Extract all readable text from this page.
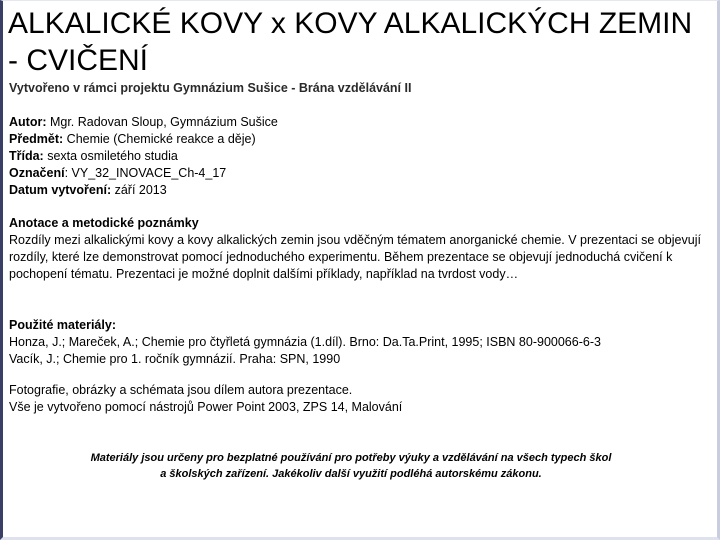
ALKALICKÉ KOVY x KOVY ALKALICKÝCH ZEMIN - CVIČENÍ
Vytvořeno v rámci projektu Gymnázium Sušice - Brána vzdělávání II
Autor: Mgr. Radovan Sloup, Gymnázium Sušice
Předmět: Chemie (Chemické reakce a děje)
Třída: sexta osmiletého studia
Označení: VY_32_INOVACE_Ch-4_17
Datum vytvoření: září 2013
Anotace a metodické poznámky
Rozdíly mezi alkalickými kovy a kovy alkalických zemin jsou vděčným tématem anorganické chemie. V prezentaci se objevují rozdíly, které lze demonstrovat pomocí jednoduchého experimentu. Během prezentace se objevují jednoduchá cvičení k pochopení tématu. Prezentaci je možné doplnit dalšími příklady, například na tvrdost vody…
Použité materiály:
Honza, J.; Mareček, A.; Chemie pro čtyřletá gymnázia (1.díl). Brno: Da.Ta.Print, 1995; ISBN 80-900066-6-3
Vacík, J.; Chemie pro 1. ročník gymnázií. Praha: SPN, 1990
Fotografie, obrázky a schémata jsou dílem autora prezentace.
Vše je vytvořeno pomocí nástrojů Power Point 2003, ZPS 14, Malování
Materiály jsou určeny pro bezplatné používání pro potřeby výuky a vzdělávání na všech typech škol
a školských zařízení. Jakékoliv další využití podléhá autorskému zákonu.
